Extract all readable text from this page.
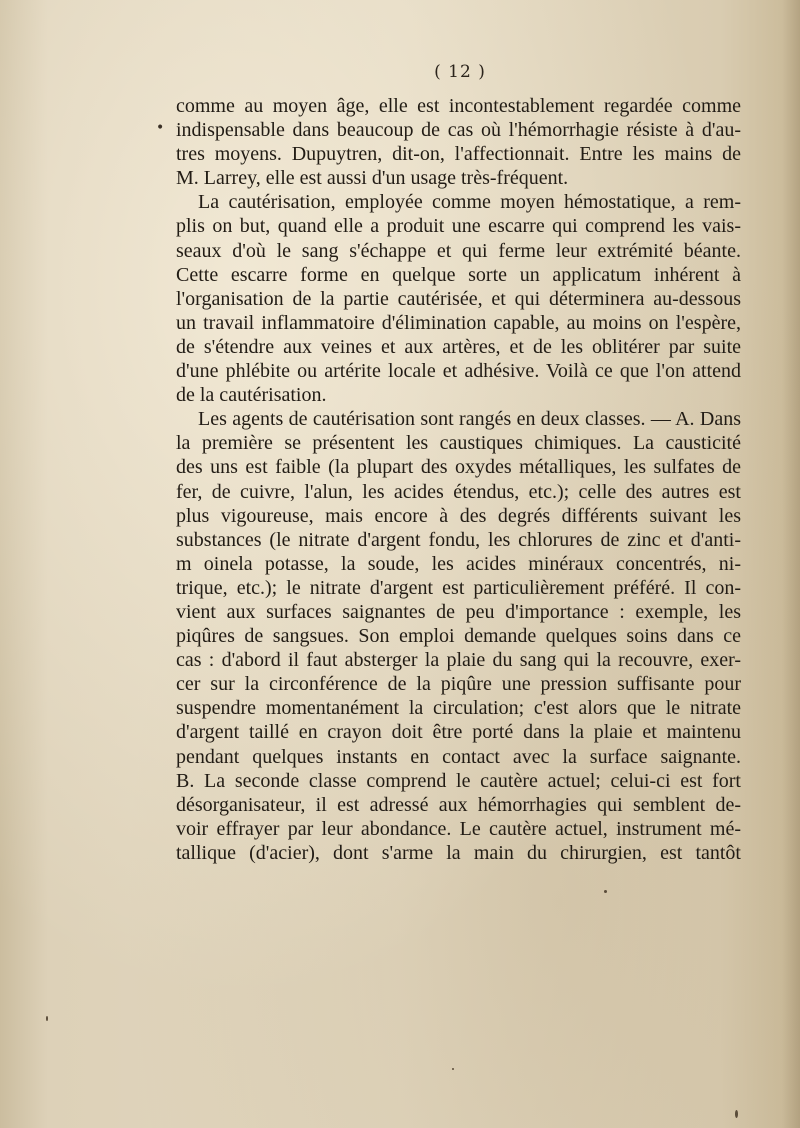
( 12 )
•
comme au moyen âge, elle est incontestablement regardée comme
indispensable dans beaucoup de cas où l'hémorrhagie résiste à d'au-
tres moyens. Dupuytren, dit-on, l'affectionnait. Entre les mains de
M. Larrey, elle est aussi d'un usage très-fréquent.
La cautérisation, employée comme moyen hémostatique, a rem-
plis on but, quand elle a produit une escarre qui comprend les vais-
seaux d'où le sang s'échappe et qui ferme leur extrémité béante.
Cette escarre forme en quelque sorte un applicatum inhérent à
l'organisation de la partie cautérisée, et qui déterminera au-dessous
un travail inflammatoire d'élimination capable, au moins on l'espère,
de s'étendre aux veines et aux artères, et de les oblitérer par suite
d'une phlébite ou artérite locale et adhésive. Voilà ce que l'on attend
de la cautérisation.
Les agents de cautérisation sont rangés en deux classes. — A. Dans
la première se présentent les caustiques chimiques. La causticité
des uns est faible (la plupart des oxydes métalliques, les sulfates de
fer, de cuivre, l'alun, les acides étendus, etc.); celle des autres est
plus vigoureuse, mais encore à des degrés différents suivant les
substances (le nitrate d'argent fondu, les chlorures de zinc et d'anti-
m oinela potasse, la soude, les acides minéraux concentrés, ni-
trique, etc.); le nitrate d'argent est particulièrement préféré. Il con-
vient aux surfaces saignantes de peu d'importance : exemple, les
piqûres de sangsues. Son emploi demande quelques soins dans ce
cas : d'abord il faut absterger la plaie du sang qui la recouvre, exer-
cer sur la circonférence de la piqûre une pression suffisante pour
suspendre momentanément la circulation; c'est alors que le nitrate
d'argent taillé en crayon doit être porté dans la plaie et maintenu
pendant quelques instants en contact avec la surface saignante.
B. La seconde classe comprend le cautère actuel; celui-ci est fort
désorganisateur, il est adressé aux hémorrhagies qui semblent de-
voir effrayer par leur abondance. Le cautère actuel, instrument mé-
tallique (d'acier), dont s'arme la main du chirurgien, est tantôt
